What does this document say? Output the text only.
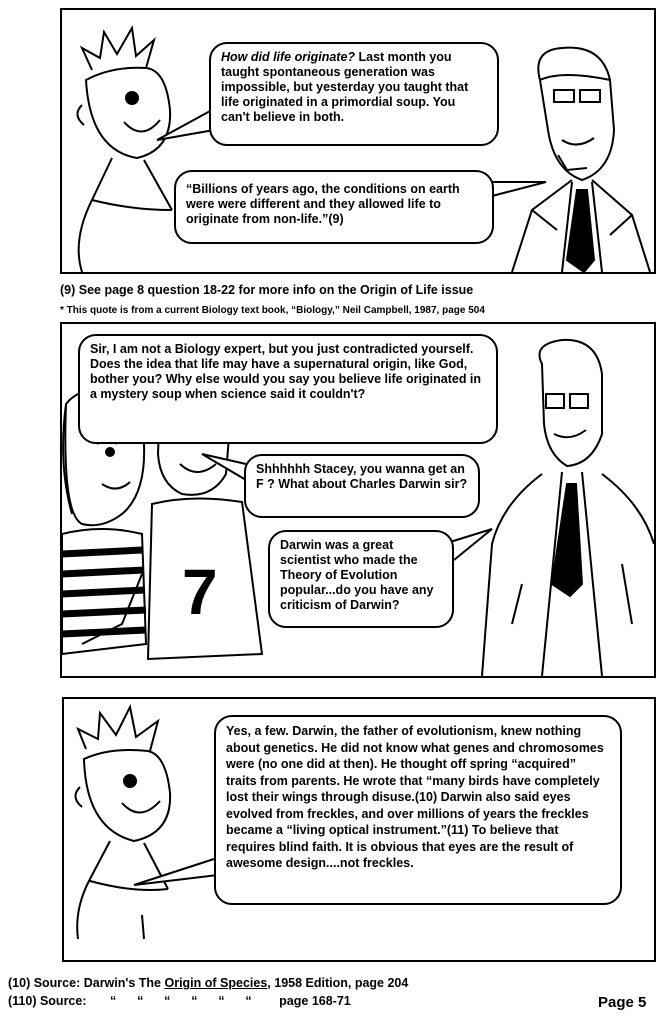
How did life originate? Last month you taught spontaneous generation was impossible, but yesterday you taught that life originated in a primordial soup. You can't believe in both.

“Billions of years ago, the conditions on earth were were different and they allowed life to originate from non-life.”(9)

(9) See page 8 question 18-22 for more info on the Origin of Life issue
* This quote is from a current Biology text book, “Biology,” Neil Campbell, 1987, page 504
7

Sir, I am not a Biology expert, but you just contradicted yourself. Does the idea that life may have a supernatural origin, like God, bother you? Why else would you say you believe life originated in a mystery soup when science said it couldn't?

Shhhhhh Stacey, you wanna get an F ? What about Charles Darwin sir?

Darwin was a great scientist who made the Theory of Evolution popular...do you have any criticism of Darwin?

Yes, a few. Darwin, the father of evolutionism, knew nothing about genetics. He did not know what genes and chromosomes were (no one did at then). He thought off spring “acquired” traits from parents. He wrote that “many birds have completely lost their wings through disuse.(10) Darwin also said eyes evolved from freckles, and over millions of years the freckles became a “living optical instrument.”(11) To believe that requires blind faith. It is obvious that eyes are the result of awesome design....not freckles.

(10) Source: Darwin's The Origin of Species, 1958 Edition, page 204
(110) Source: “      “      “      “      “      “ page 168-71	Page 5
